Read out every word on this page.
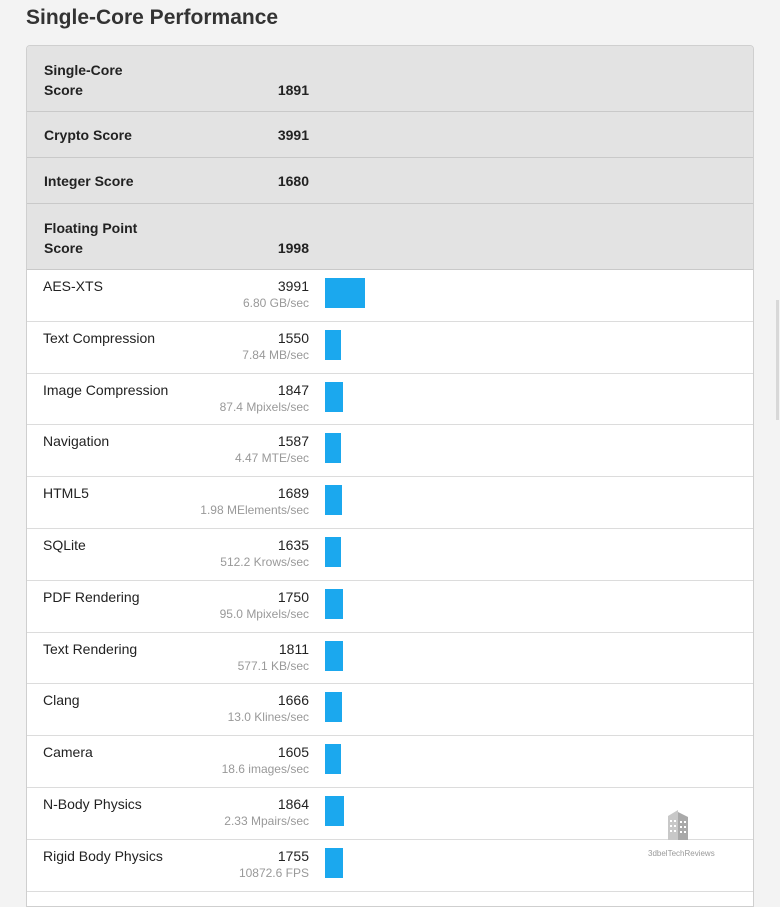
Single-Core Performance
Single-Core Score	1891
Crypto Score	3991
Integer Score	1680
Floating Point Score	1998
AES-XTS	3991
6.80 GB/sec
Text Compression	1550
7.84 MB/sec
Image Compression	1847
87.4 Mpixels/sec
Navigation	1587
4.47 MTE/sec
HTML5	1689
1.98 MElements/sec
SQLite	1635
512.2 Krows/sec
PDF Rendering	1750
95.0 Mpixels/sec
Text Rendering	1811
577.1 KB/sec
Clang	1666
13.0 Klines/sec
Camera	1605
18.6 images/sec
N-Body Physics	1864
2.33 Mpairs/sec
Rigid Body Physics	1755
10872.6 FPS
3dbelTechReviews
